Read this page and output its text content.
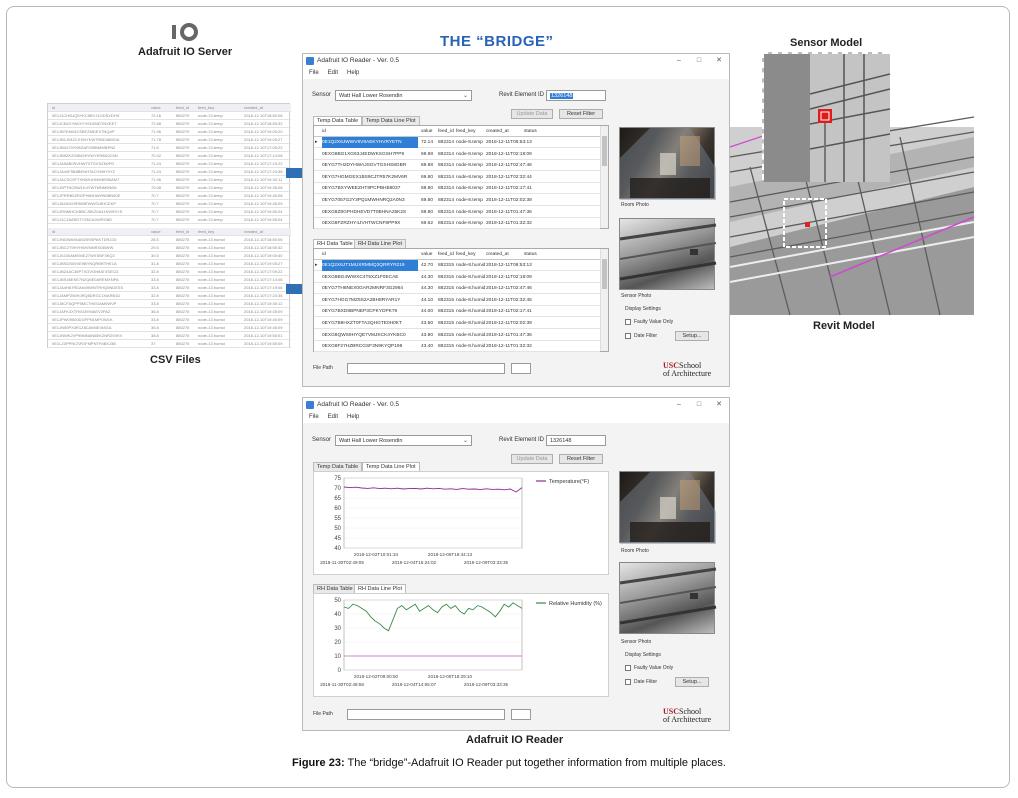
THE “BRIDGE”
Adafruit IO Server
id	value	feed_id	feed_key	created_at
0E1J1CH0UQ5YKC5BYJ1GDSXDHS	72.16	880270	node-13.temp	2018-12-10T18:50:06
0E1JCB2VY8KXYVSHZNDTNXEET	72.58	880270	node-13.temp	2018-12-10T18:55:32
0E1JB7KM04CSBFZMDEX7NQAP	71.96	880270	node-13.temp	2018-12-10T19:00:20
0E1JB1J04ZCXSNYKW7RBD48MOA	71.78	880270	node-13.temp	2018-12-10T19:05:27
0E1JB0479YKBSAF039BMWBPN2	71.6	880270	node-13.temp	2018-12-10T17:09:22
0E1JB9ZK2GBM2HVWYKR8D0C5N	70.42	880270	node-13.temp	2018-12-10T17:14:08
0E1JA9AB0SVHWT0TGVSZN0PD	71.24	880270	node-13.temp	2018-12-10T17:19:22
0E1JA44F5B8BENHTAOYM9Y0YZ	71.24	880270	node-13.temp	2018-12-10T17:24:38
0E1JACSC9FTXN92UHNW8S96AMT	71.96	880270	node-13.temp	2018-12-10T19:30:11
0E1J0PTNCBW1K4YWTMNM9N6N	70.08	880270	node-13.temp	2018-12-10T19:35:08
0E1JPRRB0ZRGPH60HWHN5BN90E	70.7	880270	node-13.temp	2018-12-10T19:40:08
0E1J6ZAH29F869EWWS18HCEKP	70.7	880270	node-13.temp	2018-12-10T19:45:09
0E1JRNMHCKBBCJ5KZ0A41KW9SYS	70.7	880270	node-13.temp	2018-12-10T19:50:24
0E1J1CZA8SDTYZ6CAXWRG8D	70.7	880270	node-13.temp	2018-12-10T19:55:04
id	value	feed_id	feed_key	created_at
0E1JNDWA94AM25SSPAKTDRJ2D	28.5	880275	node-13.humid	2018-12-10T18:50:06
0E1JBC2T9HYHWVMNRXDBWW	29.5	880275	node-13.humid	2018-12-10T18:55:32
0E1J0Z40AM594E27WXSNF3KQ2	30.5	880275	node-13.humid	2018-12-10T19:00:40
0E1JBSDS09XE9BYNQRBRTHE1A	31.8	880275	node-13.humid	2018-12-10T19:05:27
0E1JBZ4AC36PTXGVGN9AT4SECD	32.8	880275	node-13.humid	2018-12-10T17:09:22
0E1JBS45EKE7N2Q6E0AREMXNPA	33.8	880275	node-13.humid	2018-12-10T17:14:08
0E1JA4H67RDAN49WNTRHQ0NDESS	33.8	880275	node-13.humid	2018-12-10T17:19:08
0E1JAMPZ50HJRQ8DRGCO0ARB1D	32.8	880275	node-13.humid	2018-12-10T17:24:38
0E1J8CFAQPP5MCTHEGAM0WVP	33.8	880275	node-13.humid	2018-12-10T19:30:12
0E1JAFK3XTR0G8YMAEV2PA2	36.8	880275	node-13.humid	2018-12-10T19:35:09
0E1JPW09500DGFPN1MPOW1K	33.8	880275	node-13.humid	2018-12-10T19:40:09
0E1JN59PX3R1Z8CAM4EXI8GA	35.8	880275	node-13.humid	2018-12-10T19:45:09
0E1JNWK2VP99MNAN6EKZNR29XKV	38.8	880275	node-13.humid	2018-12-10T19:50:01
0E1LZ3PPNCSFDFMPNTF6BXJ3B	37	880275	node-13.humid	2018-12-10T19:55:09
CSV Files
Adafruit IO Reader - Ver. 0.5	–	□	✕
File Edit Help
Sensor	Watt Hall Lower Rosendin	⌄	Revit Element ID	1326148
Update Data	Reset Filter
Temp Data Table	Temp Data Line Plot
id	value	feed_id feed_key	created_at	status
▸ 0E1Q2X6JWWV9V9AEKYHVRYETN	72.14	882314 node-8.temp 2018-12-11T06:53:13
0EXG8BG1XG63J4EDWKSGSH7PP9	69.98	882314 node-8.temp 2018-12-11T02:18:09
0EYG7TH2DYHWAJSGVTGSHS8GBR	69.98	882314 node-8.temp 2018-12-11T02:47:46
0EYG7HGMGEX1BS9CJTR57K2MV6R	69.80	882314 node-8.temp 2018-12-11T02:32:44
0EYG7BXYWEEZHT8PCPBHB8037	69.80	882314 node-8.temp 2018-12-11T02:17:41
0EYG7057G2Y3PQ1MWHNRQ2A0N3	69.80	882314 node-8.temp 2018-12-11T02:02:38
0EXG8Z8GPHDHEVD7T0BHNA25K2S	69.80	882314 node-8.temp 2018-12-11T01:47:36
0EXG8FZRZHY4JVHTWCNF8PP9X	69.62	882314 node-8.temp 2018-12-11T01:32:32
RH Data Table RH Data Line Plot
id	value	feed_id feed_key	created_at	status
▸ 0E1Q2X6JT1MUXRMMQ3QRRYR219	42.70	882315 node-8.humid 2018-12-11T06:53:13
0EXG8BG4WWXC4T5XZ1F0ECAE	44.30	882315 node-8.humid 2018-12-11T02:18:09
0EYG7TH8NEX0GAR2MNRF3G2964	44.30	882315 node-8.humid 2018-12-11T02:47:46
0EYG7HGG7MZ5S2A2BH8RYAR1Y	44.10	882315 node-8.humid 2018-12-11T02:32:45
0EYG7BXD8BPNEP3CPKYDPK79	44.00	882315 node-8.humid 2018-12-11T02:17:41
0EYG7B9HXZT0FTA2QHGTE0H0KT	43.50	882315 node-8.humid 2018-12-11T02:02:39
0EXG8QWS9HYQE7VMJKCK4YKBC0	43.90	882315 node-8.humid 2018-12-11T01:47:36
0EXG8F27HZBRCGSF3N9KYQP198	43.40	882315 node-8.humid 2018-12-11T01:32:32
Room Photo
Sensor Photo
Display Settings
Faulty Value Only
Date Filter	Setup...
File Path	USCSchool
of Architecture
Adafruit IO Reader - Ver. 0.5	–	□	✕
File Edit Help
Sensor	Watt Hall Lower Rosendin	⌄	Revit Element ID	1326148
Update Data	Reset Filter
Temp Data Table	Temp Data Line Plot
75
70
65
60
55
50
45
40
2018-12-02T10:01:34	2018-12-06T18:44:13
2018-11-30T02:49:05	2018-12-04T15:24:02	2018-12-09T03:33:35
Temperature(°F)
RH Data Table RH Data Line Plot
50
40
30
20
10
0
2018-12-02T09:00:50	2018-12-06T18:29:10
2018-11-30T02:48:58	2018-12-04T14:55:07	2018-12-09T03:33:35
Relative Humidity (%)
Room Photo
Sensor Photo
Display Settings
Faulty Value Only
Date Filter	Setup...
File Path	USCSchool
of Architecture
Sensor Model
Revit Model
Adafruit IO Reader
Figure 23: The “bridge”-Adafruit IO Reader put together information from multiple places.
